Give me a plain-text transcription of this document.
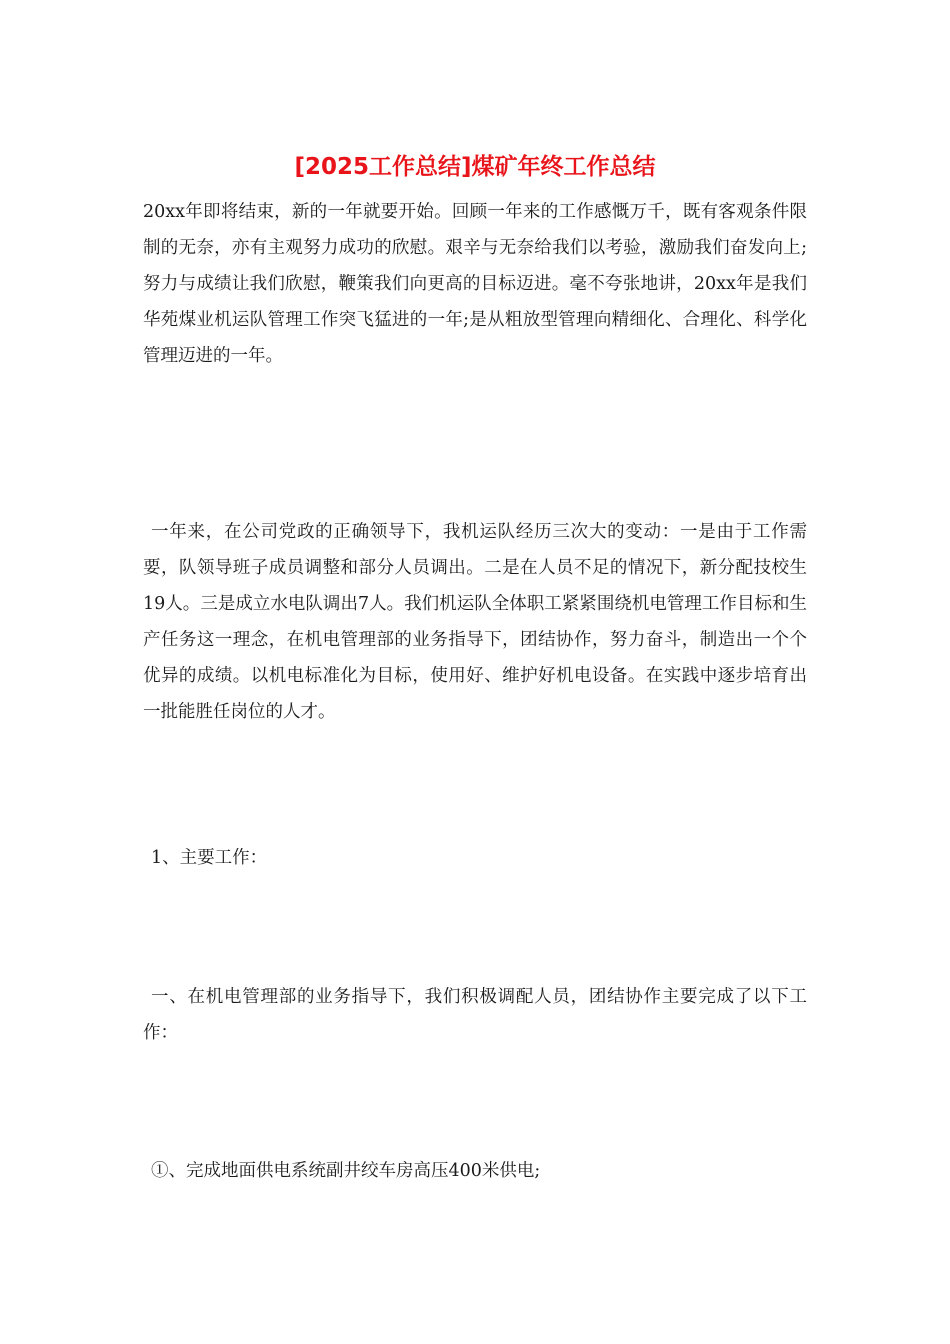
[2025工作总结]煤矿年终工作总结

20xx年即将结束，新的一年就要开始。回顾一年来的工作感慨万千，既有客观条件限制的无奈，亦有主观努力成功的欣慰。艰辛与无奈给我们以考验，激励我们奋发向上;努力与成绩让我们欣慰，鞭策我们向更高的目标迈进。毫不夸张地讲，20xx年是我们华苑煤业机运队管理工作突飞猛进的一年;是从粗放型管理向精细化、合理化、科学化管理迈进的一年。

一年来，在公司党政的正确领导下，我机运队经历三次大的变动：一是由于工作需要，队领导班子成员调整和部分人员调出。二是在人员不足的情况下，新分配技校生19人。三是成立水电队调出7人。我们机运队全体职工紧紧围绕机电管理工作目标和生产任务这一理念，在机电管理部的业务指导下，团结协作，努力奋斗，制造出一个个优异的成绩。以机电标准化为目标，使用好、维护好机电设备。在实践中逐步培育出一批能胜任岗位的人才。

1、主要工作：

一、在机电管理部的业务指导下，我们积极调配人员，团结协作主要完成了以下工作：

①、完成地面供电系统副井绞车房高压400米供电;
